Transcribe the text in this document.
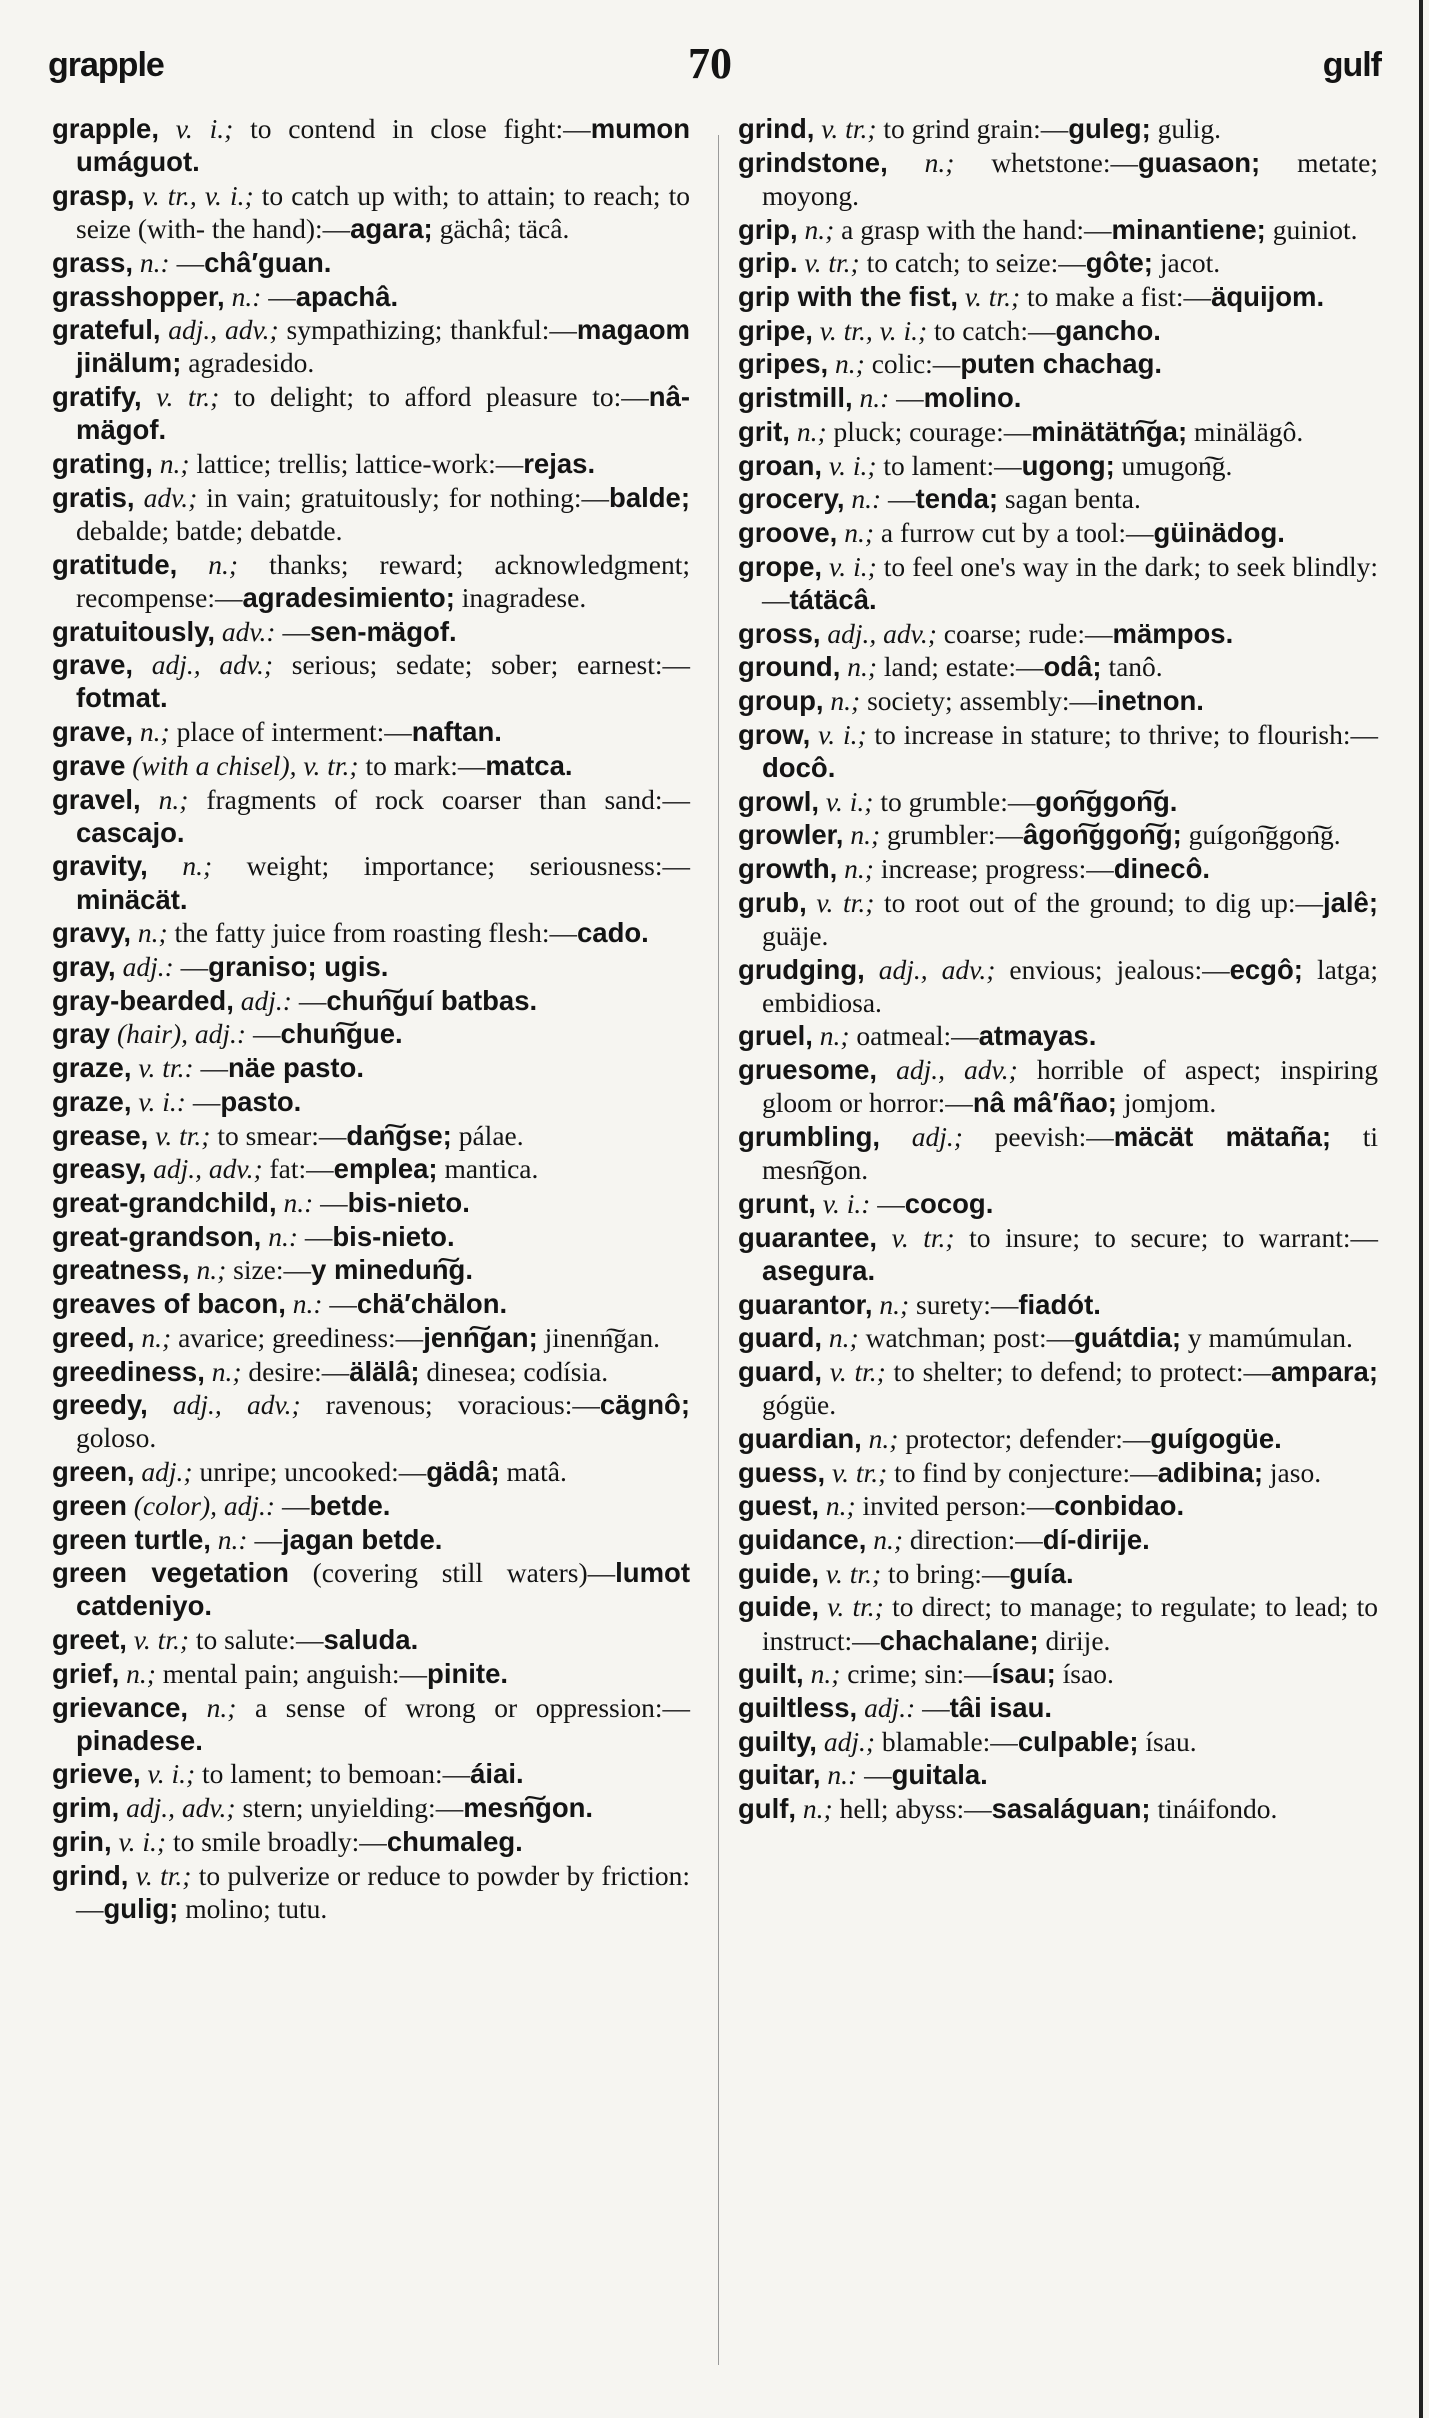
grapple	70	gulf

grapple, v. i.; to contend in close fight:—mumon umáguot.

grasp, v. tr., v. i.; to catch up with; to attain; to reach; to seize (with- the hand):—agara; gächâ; täcâ.

grass, n.: —châ′guan.

grasshopper, n.: —apachâ.

grateful, adj., adv.; sympathizing; thankful:—magaom jinälum; agradesido.

gratify, v. tr.; to delight; to afford pleasure to:—nâ-mägof.

grating, n.; lattice; trellis; lattice-work:—rejas.

gratis, adv.; in vain; gratuitously; for nothing:—balde; debalde; batde; debatde.

gratitude, n.; thanks; reward; acknowledgment; recompense:—agradesimiento; inagradese.

gratuitously, adv.: —sen-mägof.

grave, adj., adv.; serious; sedate; sober; earnest:—fotmat.

grave, n.; place of interment:—naftan.

grave (with a chisel), v. tr.; to mark:—matca.

gravel, n.; fragments of rock coarser than sand:—cascajo.

gravity, n.; weight; importance; seriousness:—minäcät.

gravy, n.; the fatty juice from roasting flesh:—cado.

gray, adj.: —graniso; ugis.

gray-bearded, adj.: —chun͠guí batbas.

gray (hair), adj.: —chun͠gue.

graze, v. tr.: —näe pasto.

graze, v. i.: —pasto.

grease, v. tr.; to smear:—dan͠gse; pálae.

greasy, adj., adv.; fat:—emplea; mantica.

great-grandchild, n.: —bis-nieto.

great-grandson, n.: —bis-nieto.

greatness, n.; size:—y minedun͠g.

greaves of bacon, n.: —chä′chälon.

greed, n.; avarice; greediness:—jenn͠gan; jinenn͠gan.

greediness, n.; desire:—älälâ; dinesea; codísia.

greedy, adj., adv.; ravenous; voracious:—cägnô; goloso.

green, adj.; unripe; uncooked:—gädâ; matâ.

green (color), adj.: —betde.

green turtle, n.: —jagan betde.

green vegetation (covering still waters)—lumot catdeniyo.

greet, v. tr.; to salute:—saluda.

grief, n.; mental pain; anguish:—pinite.

grievance, n.; a sense of wrong or oppression:—pinadese.

grieve, v. i.; to lament; to bemoan:—áiai.

grim, adj., adv.; stern; unyielding:—mesn͠gon.

grin, v. i.; to smile broadly:—chumaleg.

grind, v. tr.; to pulverize or reduce to powder by friction:—gulig; molino; tutu.

grind, v. tr.; to grind grain:—guleg; gulig.

grindstone, n.; whetstone:—guasaon; metate; moyong.

grip, n.; a grasp with the hand:—minantiene; guiniot.

grip. v. tr.; to catch; to seize:—gôte; jacot.

grip with the fist, v. tr.; to make a fist:—äquijom.

gripe, v. tr., v. i.; to catch:—gancho.

gripes, n.; colic:—puten chachag.

gristmill, n.: —molino.

grit, n.; pluck; courage:—minätätn͠ga; minälägô.

groan, v. i.; to lament:—ugong; umugon͠g.

grocery, n.: —tenda; sagan benta.

groove, n.; a furrow cut by a tool:—güinädog.

grope, v. i.; to feel one's way in the dark; to seek blindly:—tátäcâ.

gross, adj., adv.; coarse; rude:—mämpos.

ground, n.; land; estate:—odâ; tanô.

group, n.; society; assembly:—inetnon.

grow, v. i.; to increase in stature; to thrive; to flourish:—docô.

growl, v. i.; to grumble:—gon͠ggon͠g.

growler, n.; grumbler:—âgon͠ggon͠g; guígon͠ggon͠g.

growth, n.; increase; progress:—dinecô.

grub, v. tr.; to root out of the ground; to dig up:—jalê; guäje.

grudging, adj., adv.; envious; jealous:—ecgô; latga; embidiosa.

gruel, n.; oatmeal:—atmayas.

gruesome, adj., adv.; horrible of aspect; inspiring gloom or horror:—nâ mâ′ñao; jomjom.

grumbling, adj.; peevish:—mäcät mätaña; ti mesn͠gon.

grunt, v. i.: —cocog.

guarantee, v. tr.; to insure; to secure; to warrant:—asegura.

guarantor, n.; surety:—fiadót.

guard, n.; watchman; post:—guátdia; y mamúmulan.

guard, v. tr.; to shelter; to defend; to protect:—ampara; gógüe.

guardian, n.; protector; defender:—guígogüe.

guess, v. tr.; to find by conjecture:—adibina; jaso.

guest, n.; invited person:—conbidao.

guidance, n.; direction:—dí-dirije.

guide, v. tr.; to bring:—guía.

guide, v. tr.; to direct; to manage; to regulate; to lead; to instruct:—chachalane; dirije.

guilt, n.; crime; sin:—ísau; ísao.

guiltless, adj.: —tâi isau.

guilty, adj.; blamable:—culpable; ísau.

guitar, n.: —guitala.

gulf, n.; hell; abyss:—sasaláguan; tináifondo.
